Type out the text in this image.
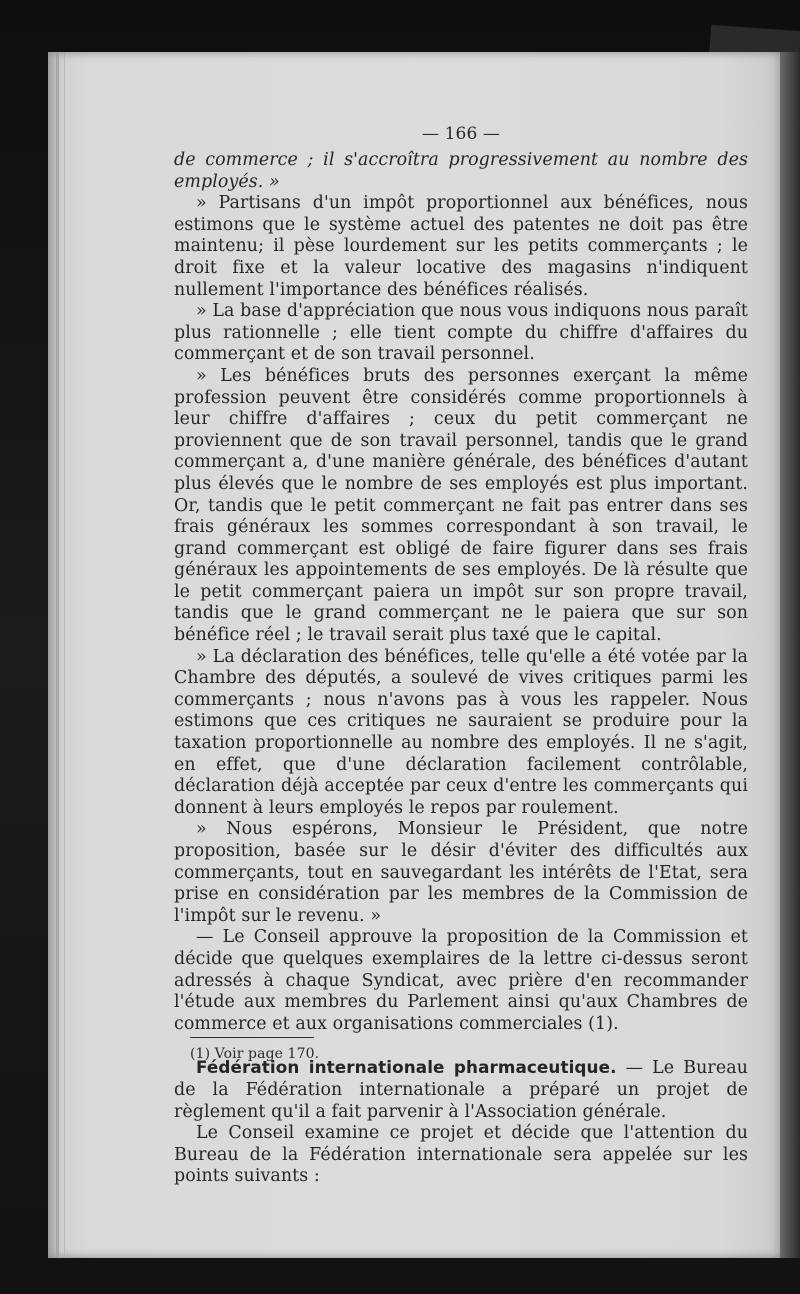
— 166 —

de commerce ; il s'accroîtra progressivement au nombre des employés. »

» Partisans d'un impôt proportionnel aux bénéfices, nous estimons que le système actuel des patentes ne doit pas être maintenu; il pèse lourdement sur les petits commerçants ; le droit fixe et la valeur locative des magasins n'indiquent nullement l'importance des bénéfices réalisés.

» La base d'appréciation que nous vous indiquons nous paraît plus rationnelle ; elle tient compte du chiffre d'affaires du commerçant et de son travail personnel.

» Les bénéfices bruts des personnes exerçant la même profession peuvent être considérés comme proportionnels à leur chiffre d'affaires ; ceux du petit commerçant ne proviennent que de son travail personnel, tandis que le grand commerçant a, d'une manière générale, des bénéfices d'autant plus élevés que le nombre de ses employés est plus important. Or, tandis que le petit commerçant ne fait pas entrer dans ses frais généraux les sommes correspondant à son travail, le grand commerçant est obligé de faire figurer dans ses frais généraux les appointements de ses employés. De là résulte que le petit commerçant paiera un impôt sur son propre travail, tandis que le grand commerçant ne le paiera que sur son bénéfice réel ; le travail serait plus taxé que le capital.

» La déclaration des bénéfices, telle qu'elle a été votée par la Chambre des députés, a soulevé de vives critiques parmi les commerçants ; nous n'avons pas à vous les rappeler. Nous estimons que ces critiques ne sauraient se produire pour la taxation proportionnelle au nombre des employés. Il ne s'agit, en effet, que d'une déclaration facilement contrôlable, déclaration déjà acceptée par ceux d'entre les commerçants qui donnent à leurs employés le repos par roulement.

» Nous espérons, Monsieur le Président, que notre proposition, basée sur le désir d'éviter des difficultés aux commerçants, tout en sauvegardant les intérêts de l'Etat, sera prise en considération par les membres de la Commission de l'impôt sur le revenu. »

— Le Conseil approuve la proposition de la Commission et décide que quelques exemplaires de la lettre ci-dessus seront adressés à chaque Syndicat, avec prière d'en recommander l'étude aux membres du Parlement ainsi qu'aux Chambres de commerce et aux organisations commerciales (1).

Fédération internationale pharmaceutique. — Le Bureau de la Fédération internationale a préparé un projet de règlement qu'il a fait parvenir à l'Association générale.

Le Conseil examine ce projet et décide que l'attention du Bureau de la Fédération internationale sera appelée sur les points suivants :

(1) Voir page 170.
